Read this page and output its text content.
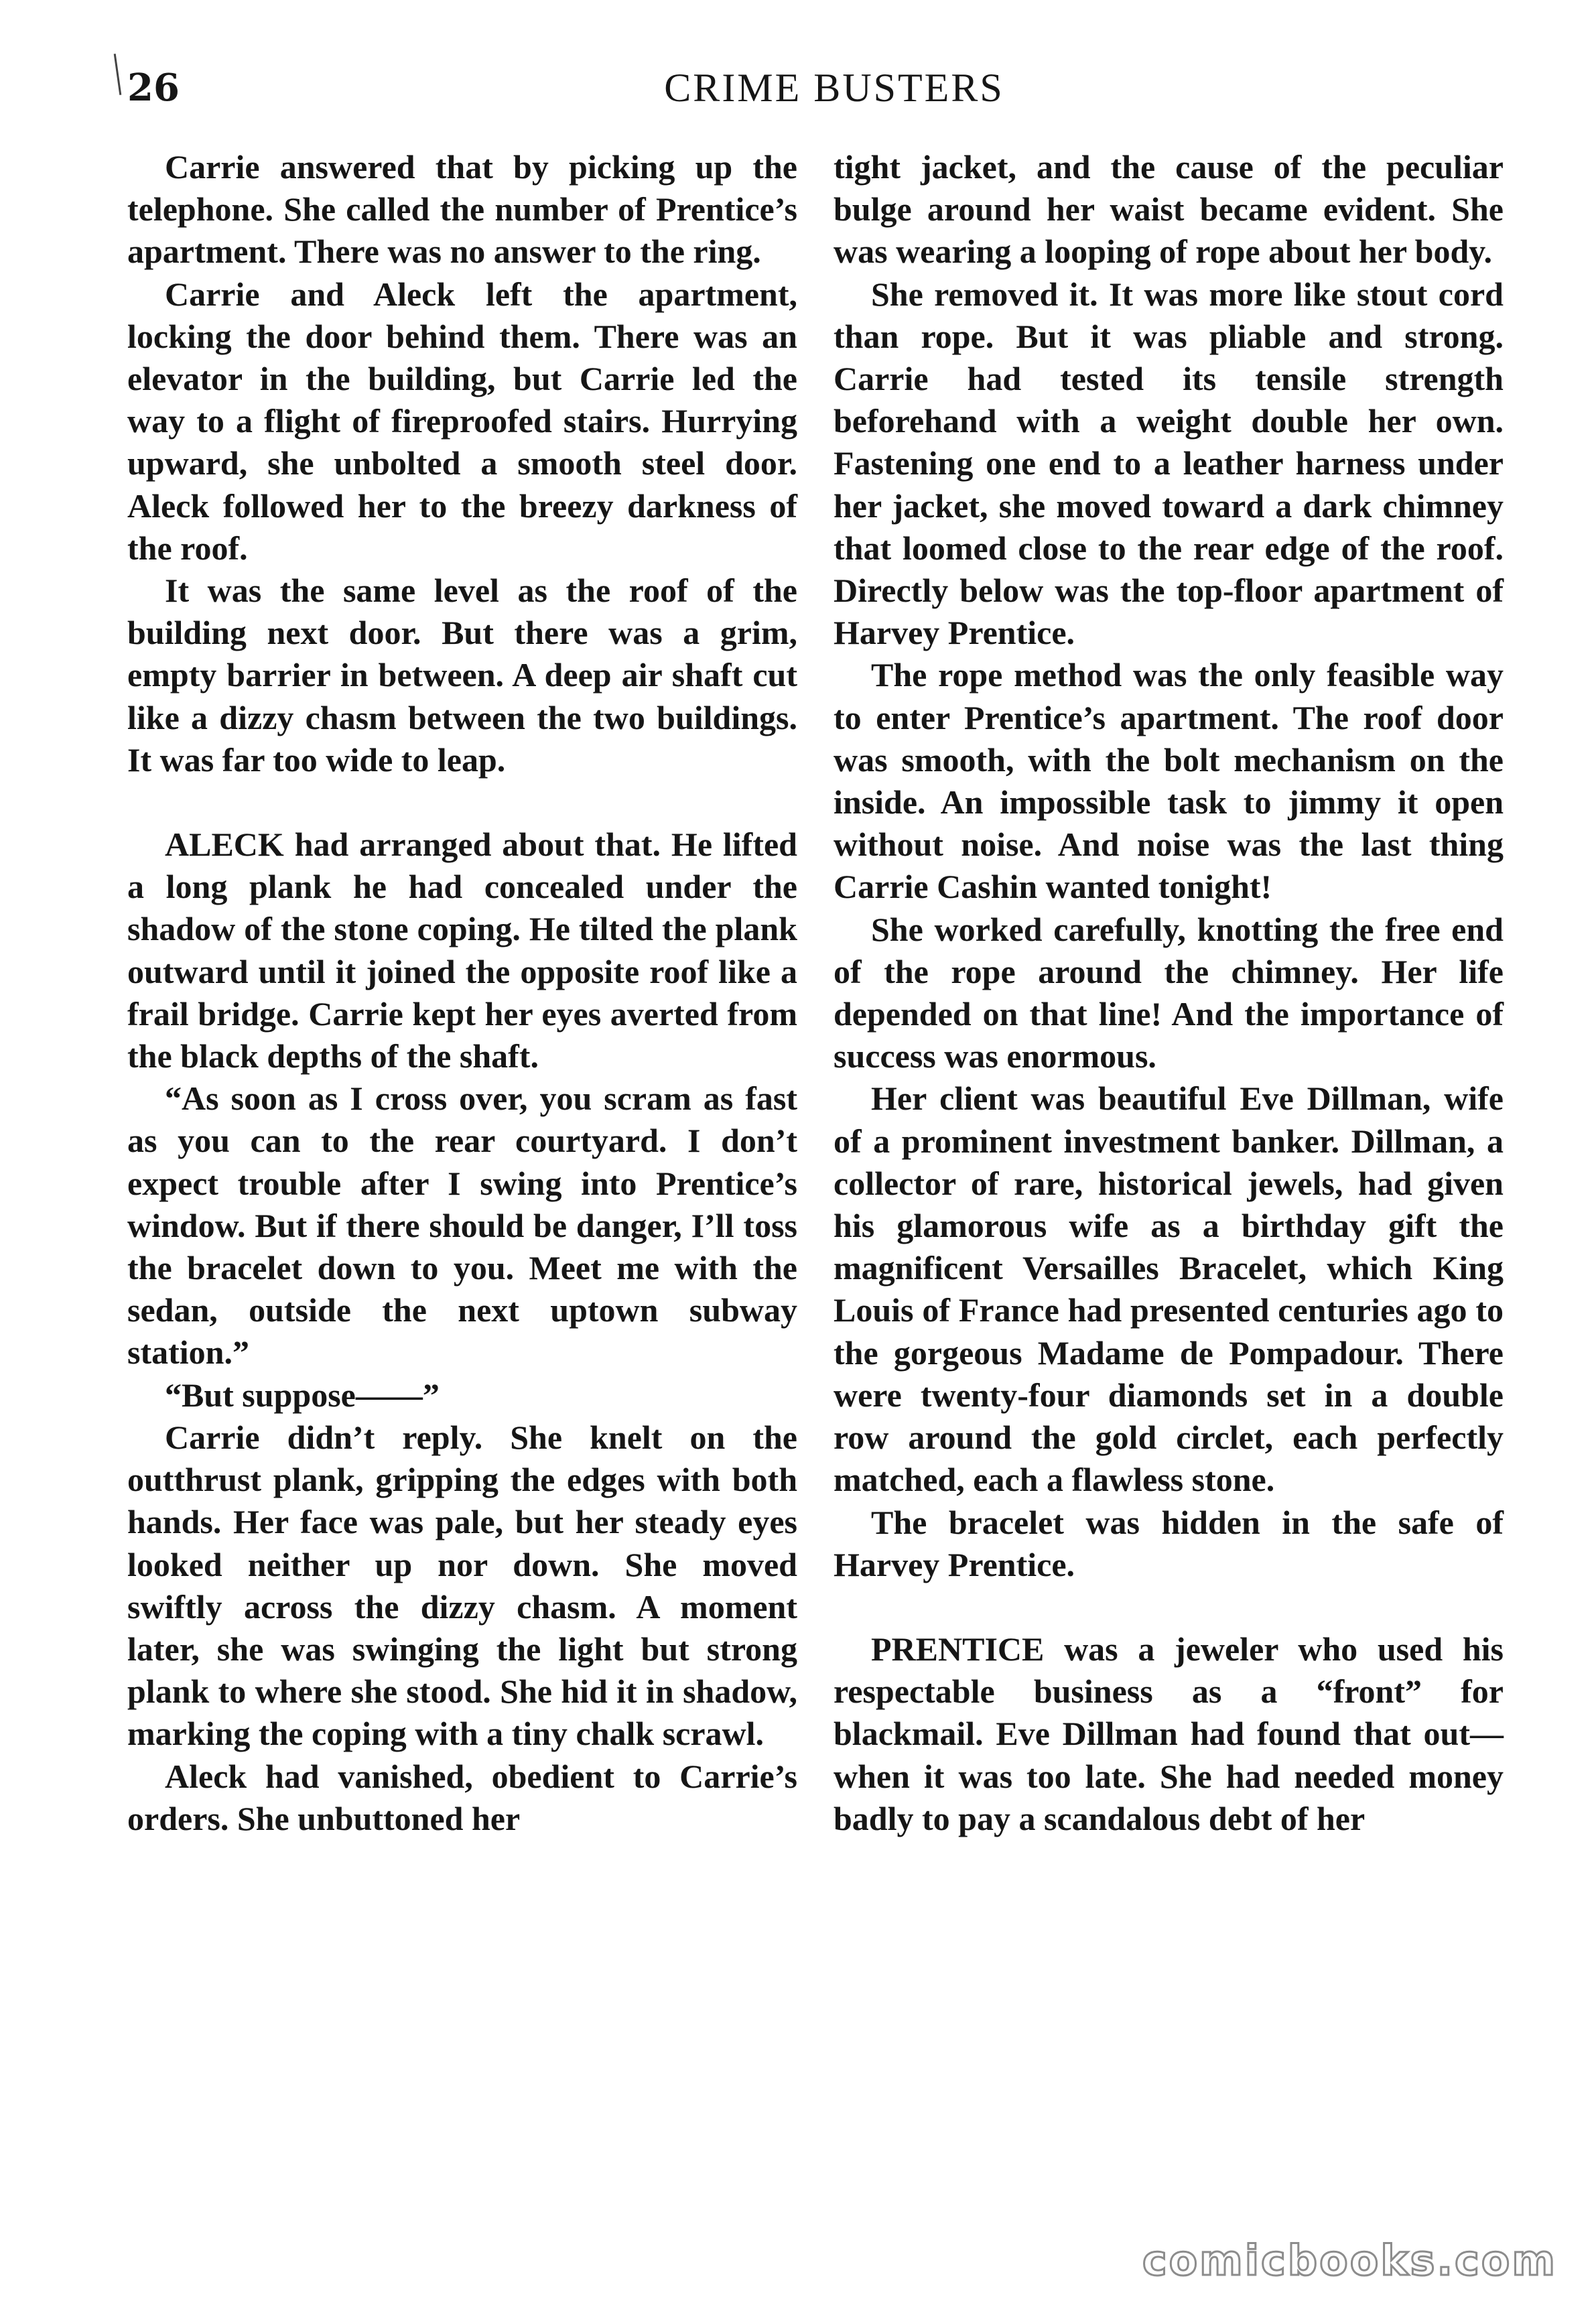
26	CRIME BUSTERS

Carrie answered that by picking up the telephone. She called the number of Prentice’s apartment. There was no answer to the ring.

Carrie and Aleck left the apartment, locking the door behind them. There was an elevator in the building, but Carrie led the way to a flight of fireproofed stairs. Hurrying upward, she unbolted a smooth steel door. Aleck followed her to the breezy darkness of the roof.

It was the same level as the roof of the building next door. But there was a grim, empty barrier in between. A deep air shaft cut like a dizzy chasm between the two buildings. It was far too wide to leap.

ALECK had arranged about that. He lifted a long plank he had concealed under the shadow of the stone coping. He tilted the plank outward until it joined the opposite roof like a frail bridge. Carrie kept her eyes averted from the black depths of the shaft.

“As soon as I cross over, you scram as fast as you can to the rear courtyard. I don’t expect trouble after I swing into Prentice’s window. But if there should be danger, I’ll toss the bracelet down to you. Meet me with the sedan, outside the next uptown subway station.”

“But suppose——”

Carrie didn’t reply. She knelt on the outthrust plank, gripping the edges with both hands. Her face was pale, but her steady eyes looked neither up nor down. She moved swiftly across the dizzy chasm. A moment later, she was swinging the light but strong plank to where she stood. She hid it in shadow, marking the coping with a tiny chalk scrawl.

Aleck had vanished, obedient to Carrie’s orders. She unbuttoned her

tight jacket, and the cause of the peculiar bulge around her waist became evident. She was wearing a looping of rope about her body.

She removed it. It was more like stout cord than rope. But it was pliable and strong. Carrie had tested its tensile strength beforehand with a weight double her own. Fastening one end to a leather harness under her jacket, she moved toward a dark chimney that loomed close to the rear edge of the roof. Directly below was the top-floor apartment of Harvey Prentice.

The rope method was the only feasible way to enter Prentice’s apartment. The roof door was smooth, with the bolt mechanism on the inside. An impossible task to jimmy it open without noise. And noise was the last thing Carrie Cashin wanted tonight!

She worked carefully, knotting the free end of the rope around the chimney. Her life depended on that line! And the importance of success was enormous.

Her client was beautiful Eve Dillman, wife of a prominent investment banker. Dillman, a collector of rare, historical jewels, had given his glamorous wife as a birthday gift the magnificent Versailles Bracelet, which King Louis of France had presented centuries ago to the gorgeous Madame de Pompadour. There were twenty-four diamonds set in a double row around the gold circlet, each perfectly matched, each a flawless stone.

The bracelet was hidden in the safe of Harvey Prentice.

PRENTICE was a jeweler who used his respectable business as a “front” for blackmail. Eve Dillman had found that out—when it was too late. She had needed money badly to pay a scandalous debt of her

comicbooks.com
